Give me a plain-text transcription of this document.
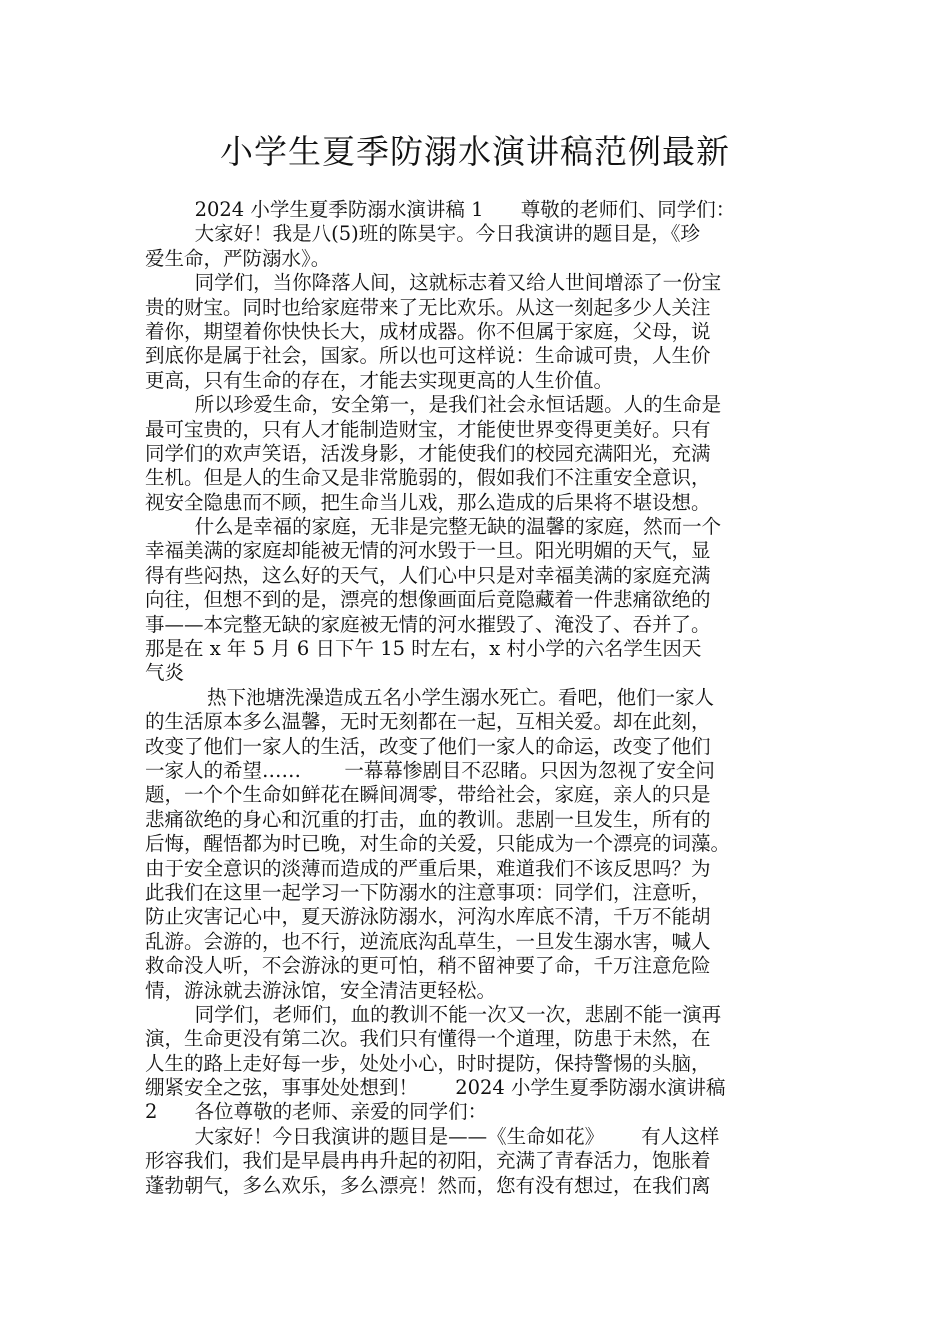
小学生夏季防溺水演讲稿范例最新

2024 小学生夏季防溺水演讲稿 1      尊敬的老师们、同学们：

大家好！我是八(5)班的陈昊宇。今日我演讲的题目是，《珍

爱生命，严防溺水》。

同学们，当你降落人间，这就标志着又给人世间增添了一份宝

贵的财宝。同时也给家庭带来了无比欢乐。从这一刻起多少人关注

着你，期望着你快快长大，成材成器。你不但属于家庭，父母，说

到底你是属于社会，国家。所以也可这样说：生命诚可贵，人生价

更高，只有生命的存在，才能去实现更高的人生价值。

所以珍爱生命，安全第一，是我们社会永恒话题。人的生命是

最可宝贵的，只有人才能制造财宝，才能使世界变得更美好。只有

同学们的欢声笑语，活泼身影，才能使我们的校园充满阳光，充满

生机。但是人的生命又是非常脆弱的，假如我们不注重安全意识，

视安全隐患而不顾，把生命当儿戏，那么造成的后果将不堪设想。

什么是幸福的家庭，无非是完整无缺的温馨的家庭，然而一个

幸福美满的家庭却能被无情的河水毁于一旦。阳光明媚的天气，显

得有些闷热，这么好的天气，人们心中只是对幸福美满的家庭充满

向往，但想不到的是，漂亮的想像画面后竟隐藏着一件悲痛欲绝的

事——本完整无缺的家庭被无情的河水摧毁了、淹没了、吞并了。

那是在 x 年 5 月 6 日下午 15 时左右，x 村小学的六名学生因天

气炎

热下池塘洗澡造成五名小学生溺水死亡。看吧，他们一家人

的生活原本多么温馨，无时无刻都在一起，互相关爱。却在此刻，

改变了他们一家人的生活，改变了他们一家人的命运，改变了他们

一家人的希望……       一幕幕惨剧目不忍睹。只因为忽视了安全问

题，一个个生命如鲜花在瞬间凋零，带给社会，家庭，亲人的只是

悲痛欲绝的身心和沉重的打击，血的教训。悲剧一旦发生，所有的

后悔，醒悟都为时已晚，对生命的关爱，只能成为一个漂亮的词藻。

由于安全意识的淡薄而造成的严重后果，难道我们不该反思吗？为

此我们在这里一起学习一下防溺水的注意事项：同学们，注意听，

防止灾害记心中，夏天游泳防溺水，河沟水库底不清，千万不能胡

乱游。会游的，也不行，逆流底沟乱草生，一旦发生溺水害，喊人

救命没人听，不会游泳的更可怕，稍不留神要了命，千万注意危险

情，游泳就去游泳馆，安全清洁更轻松。

同学们，老师们，血的教训不能一次又一次，悲剧不能一演再

演，生命更没有第二次。我们只有懂得一个道理，防患于未然，在

人生的路上走好每一步，处处小心，时时提防，保持警惕的头脑，

绷紧安全之弦，事事处处想到！      2024 小学生夏季防溺水演讲稿

2      各位尊敬的老师、亲爱的同学们：

大家好！今日我演讲的题目是——《生命如花》      有人这样

形容我们，我们是早晨冉冉升起的初阳，充满了青春活力，饱胀着

蓬勃朝气，多么欢乐，多么漂亮！然而，您有没有想过，在我们离
